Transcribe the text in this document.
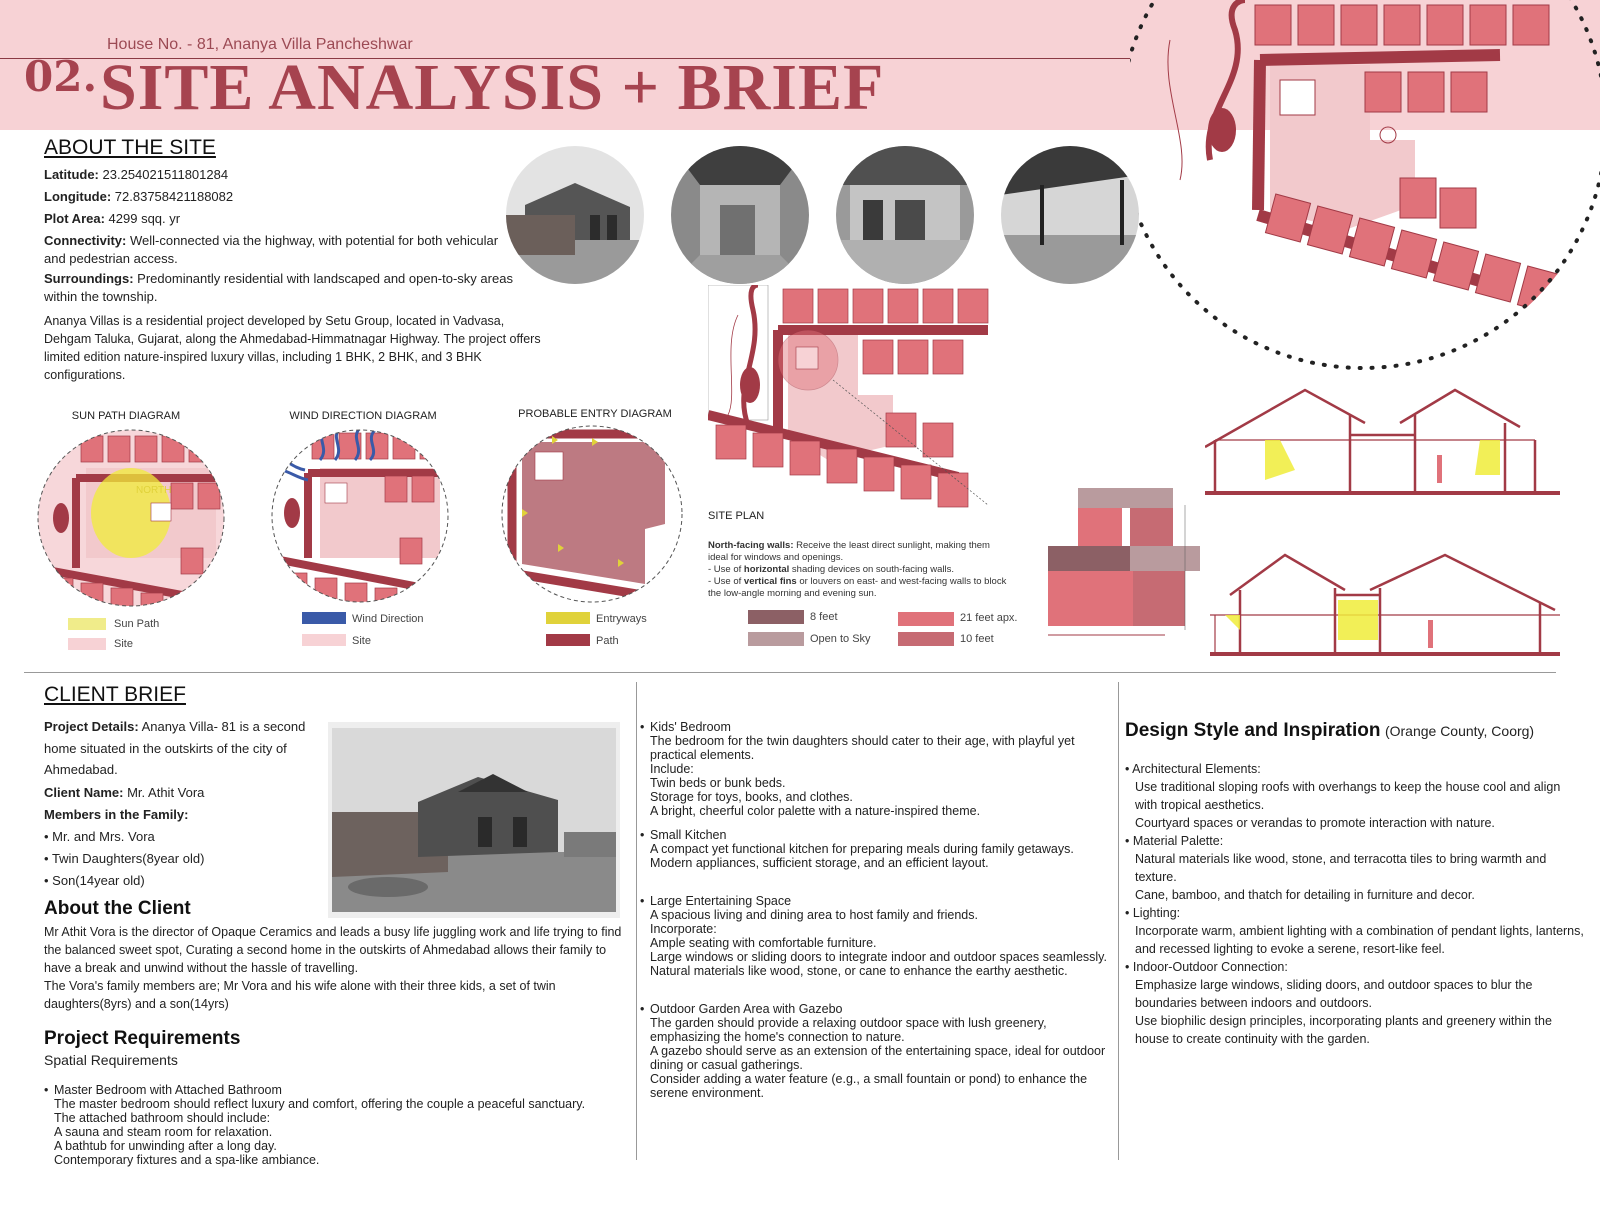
House No. - 81, Ananya Villa Pancheshwar
02. SITE ANALYSIS + BRIEF
ABOUT THE SITE
Latitude: 23.254021511801284
Longitude: 72.83758421188082
Plot Area: 4299 sqq. yr
Connectivity: Well-connected via the highway, with potential for both vehicular and pedestrian access.
Surroundings: Predominantly residential with landscaped and open-to-sky areas within the township.
Ananya Villas is a residential project developed by Setu Group, located in Vadvasa, Dehgam Taluka, Gujarat, along the Ahmedabad-Himmatnagar Highway. The project offers limited edition nature-inspired luxury villas, including 1 BHK, 2 BHK, and 3 BHK configurations.
SUN PATH DIAGRAM	WIND DIRECTION DIAGRAM	PROBABLE ENTRY DIAGRAM
NORTH
Sun Path
Site
Wind Direction
Site
Entryways
Path
SITE PLAN
North-facing walls: Receive the least direct sunlight, making them ideal for windows and openings.
- Use of horizontal shading devices on south-facing walls.
- Use of vertical fins or louvers on east- and west-facing walls to block the low-angle morning and evening sun.
8 feet
Open to Sky
21 feet apx.
10 feet
CLIENT BRIEF
Project Details: Ananya Villa- 81 is a second home situated in the outskirts of the city of Ahmedabad.
Client Name: Mr. Athit Vora
Members in the Family:
• Mr. and Mrs. Vora
• Twin Daughters(8year old)
• Son(14year old)
About the Client
Mr Athit Vora is the director of Opaque Ceramics and leads a busy life juggling work and life trying to find the balanced sweet spot, Curating a second home in the outskirts of Ahmedabad allows their family to have a break and unwind without the hassle of travelling.
The Vora's family members are; Mr Vora and his wife alone with their three kids, a set of twin daughters(8yrs) and a son(14yrs)
Project Requirements
Spatial Requirements
• Master Bedroom with Attached Bathroom
The master bedroom should reflect luxury and comfort, offering the couple a peaceful sanctuary.
The attached bathroom should include:
A sauna and steam room for relaxation.
A bathtub for unwinding after a long day.
Contemporary fixtures and a spa-like ambiance.
• Kids' Bedroom
The bedroom for the twin daughters should cater to their age, with playful yet practical elements.
Include:
Twin beds or bunk beds.
Storage for toys, books, and clothes.
A bright, cheerful color palette with a nature-inspired theme.
• Small Kitchen
A compact yet functional kitchen for preparing meals during family getaways.
Modern appliances, sufficient storage, and an efficient layout.
• Large Entertaining Space
A spacious living and dining area to host family and friends.
Incorporate:
Ample seating with comfortable furniture.
Large windows or sliding doors to integrate indoor and outdoor spaces seamlessly.
Natural materials like wood, stone, or cane to enhance the earthy aesthetic.
• Outdoor Garden Area with Gazebo
The garden should provide a relaxing outdoor space with lush greenery, emphasizing the home's connection to nature.
A gazebo should serve as an extension of the entertaining space, ideal for outdoor dining or casual gatherings.
Consider adding a water feature (e.g., a small fountain or pond) to enhance the serene environment.
Design Style and Inspiration (Orange County, Coorg)
• Architectural Elements:
Use traditional sloping roofs with overhangs to keep the house cool and align with tropical aesthetics.
Courtyard spaces or verandas to promote interaction with nature.
• Material Palette:
Natural materials like wood, stone, and terracotta tiles to bring warmth and texture.
Cane, bamboo, and thatch for detailing in furniture and decor.
• Lighting:
Incorporate warm, ambient lighting with a combination of pendant lights, lanterns, and recessed lighting to evoke a serene, resort-like feel.
• Indoor-Outdoor Connection:
Emphasize large windows, sliding doors, and outdoor spaces to blur the boundaries between indoors and outdoors.
Use biophilic design principles, incorporating plants and greenery within the house to create continuity with the garden.
